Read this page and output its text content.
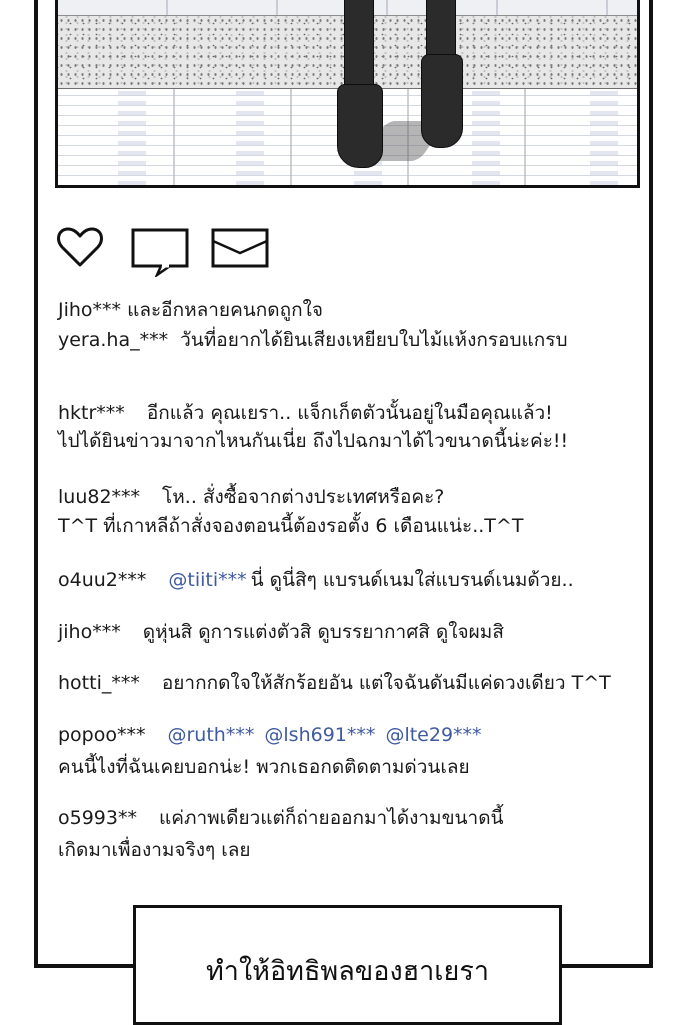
Jiho*** และอีกหลายคนกดถูกใจ
yera.ha_*** วันที่อยากได้ยินเสียงเหยียบใบไม้แห้งกรอบแกรบ
hktr*** อีกแล้ว คุณเยรา.. แจ็กเก็ตตัวนั้นอยู่ในมือคุณแล้ว!
ไปได้ยินข่าวมาจากไหนกันเนี่ย ถึงไปฉกมาได้ไวขนาดนี้น่ะค่ะ!!
luu82*** โห.. สั่งซื้อจากต่างประเทศหรือคะ?
T^T ที่เกาหลีถ้าสั่งจองตอนนี้ต้องรอตั้ง 6 เดือนแน่ะ..T^T
o4uu2*** @tiiti*** นี่ ดูนี่สิๆ แบรนด์เนมใส่แบรนด์เนมด้วย..
jiho*** ดูหุ่นสิ ดูการแต่งตัวสิ ดูบรรยากาศสิ ดูใจผมสิ
hotti_*** อยากกดใจให้สักร้อยอัน แต่ใจฉันดันมีแค่ดวงเดียว T^T
popoo*** @ruth*** @lsh691*** @lte29***
คนนี้ไงที่ฉันเคยบอกน่ะ! พวกเธอกดติดตามด่วนเลย
o5993** แค่ภาพเดียวแต่ก็ถ่ายออกมาได้งามขนาดนี้
เกิดมาเพื่องามจริงๆ เลย
ทำให้อิทธิพลของฮาเยรา
